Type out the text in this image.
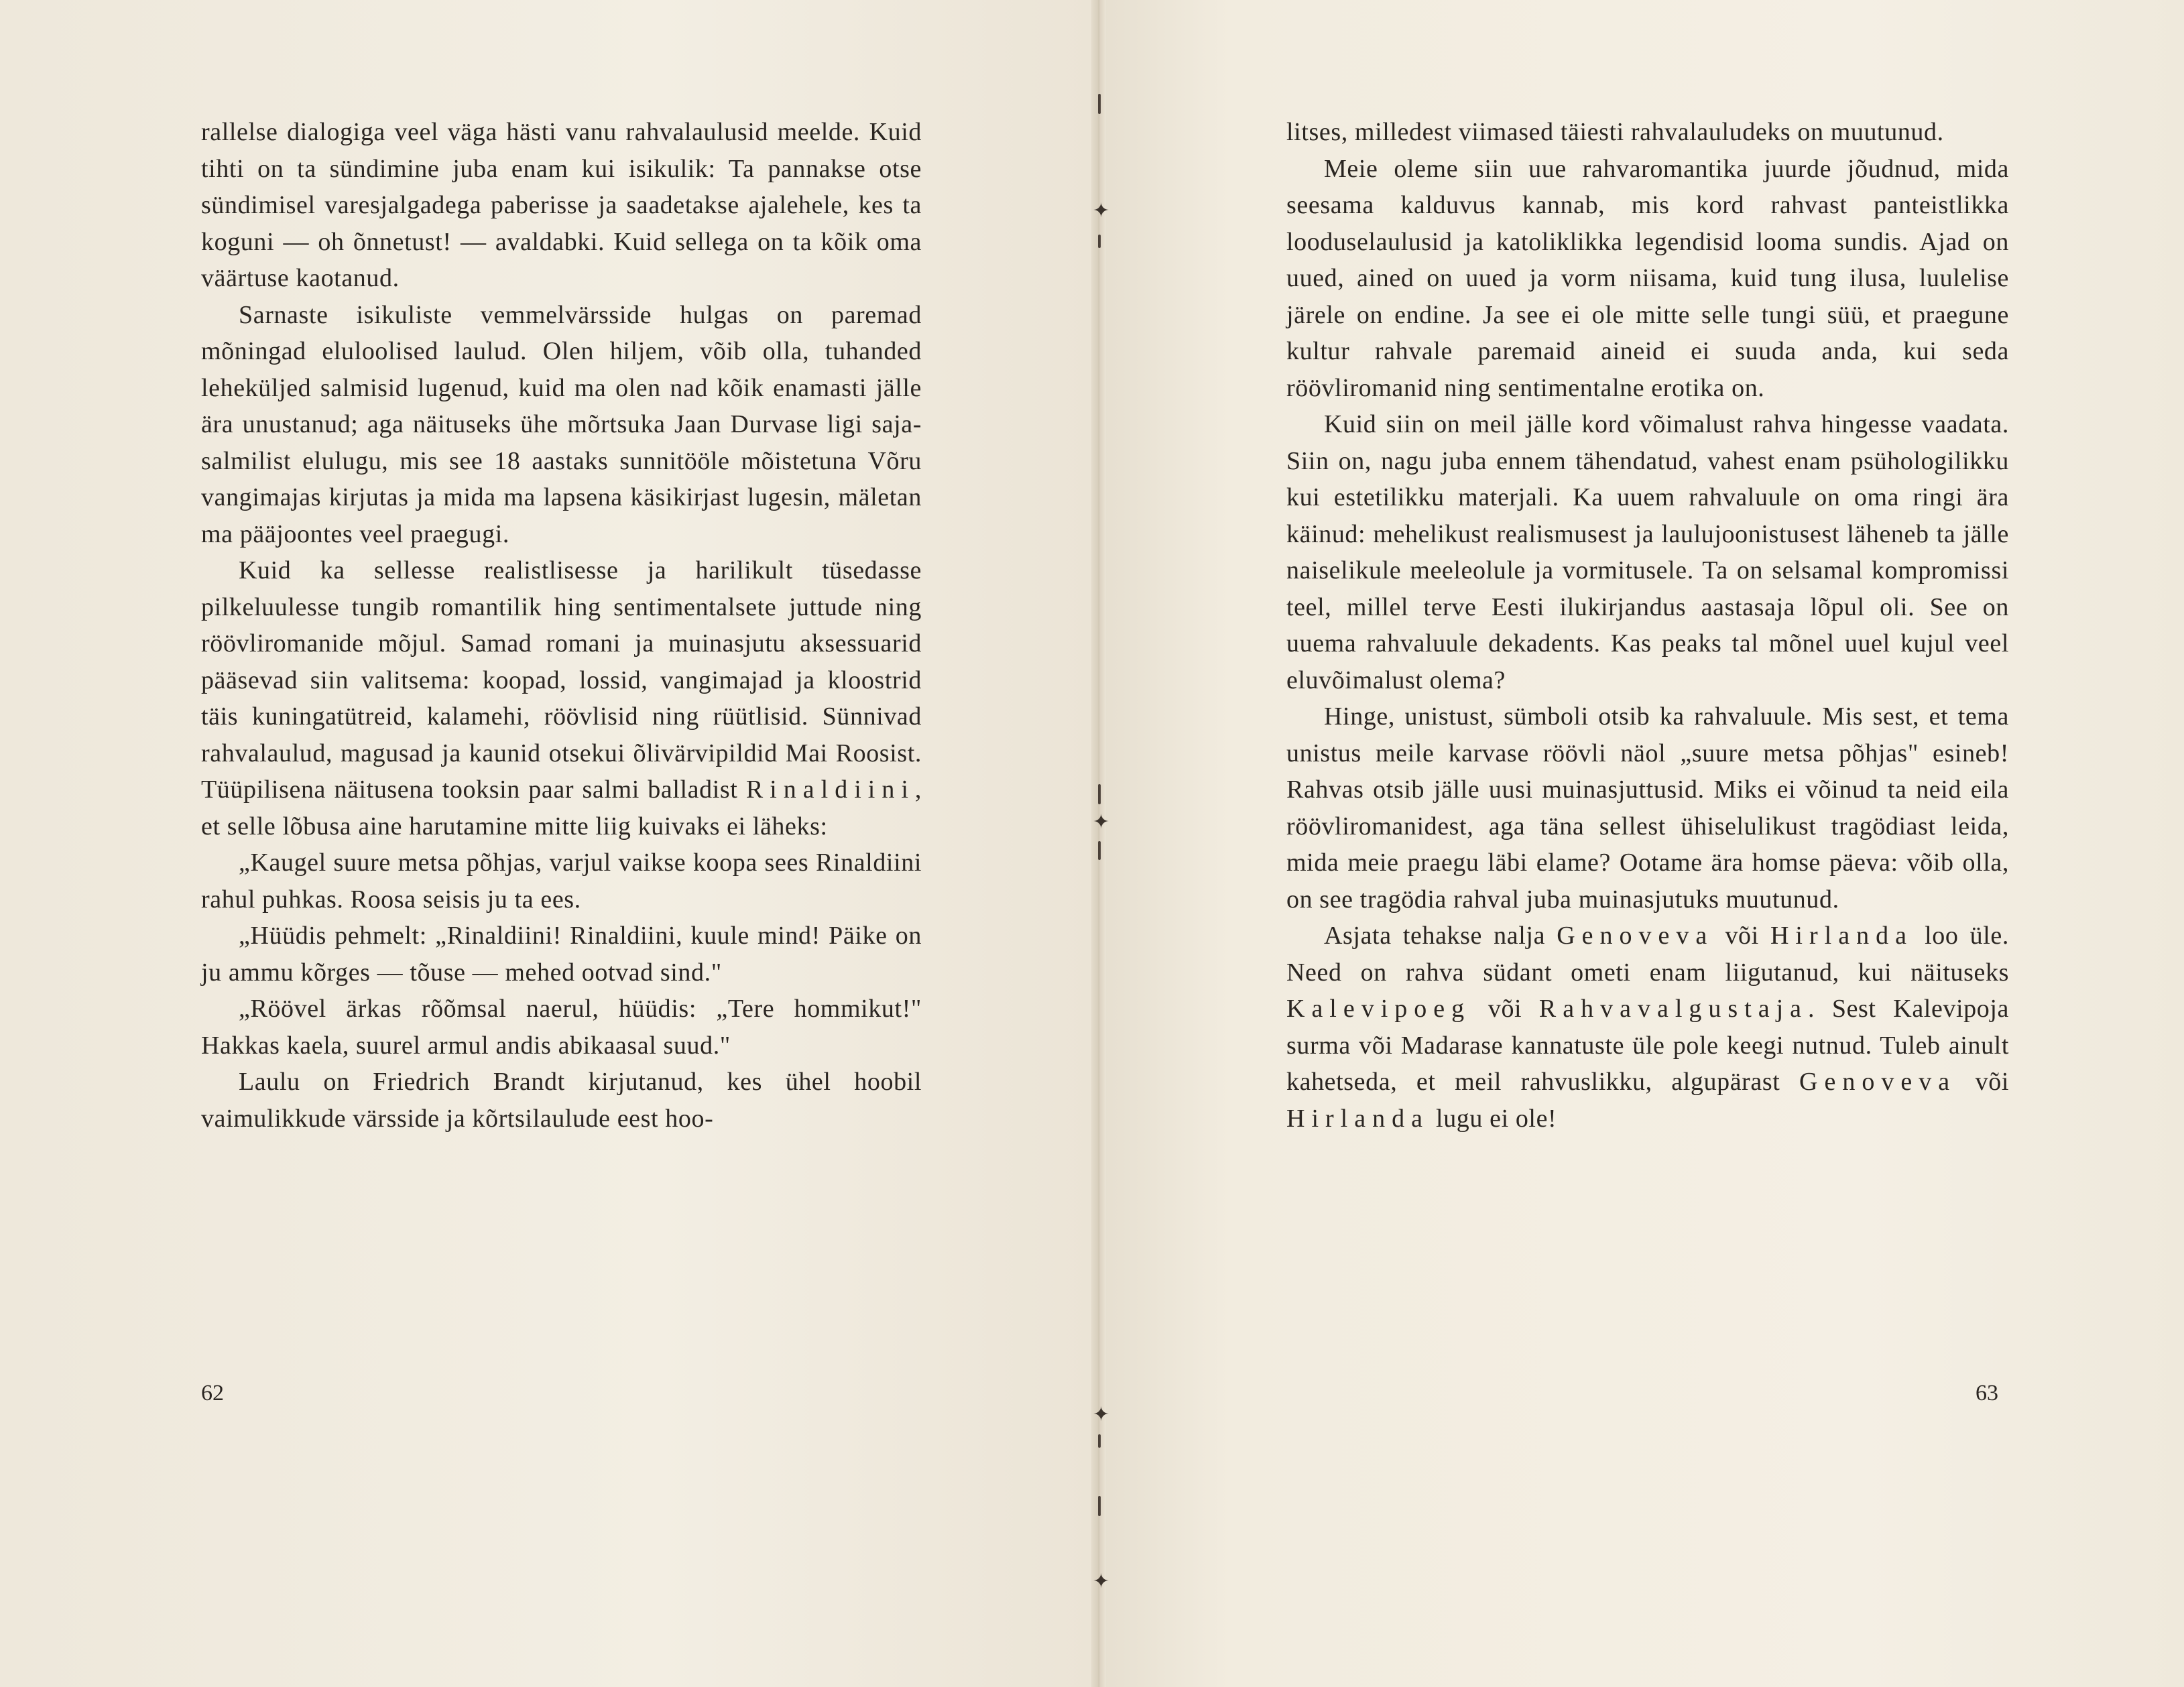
rallelse dialogiga veel väga hästi vanu rahvalaulusid meelde. Kuid tihti on ta sündimine juba enam kui isikulik: Ta pannakse otse sündimisel varesjalgadega paberisse ja saadetakse ajalehele, kes ta koguni — oh õnnetust! — avaldabki. Kuid sellega on ta kõik oma väärtuse kaotanud.

Sarnaste isikuliste vemmelvärsside hulgas on paremad mõningad eluloolised laulud. Olen hiljem, võib olla, tuhanded leheküljed salmisid lugenud, kuid ma olen nad kõik enamasti jälle ära unustanud; aga näituseks ühe mõrtsuka Jaan Durvase ligi saja-salmilist elulugu, mis see 18 aastaks sunnitööle mõistetuna Võru vangimajas kirjutas ja mida ma lapsena käsikirjast lugesin, mäletan ma pääjoontes veel praegugi.

Kuid ka sellesse realistlisesse ja harilikult tüsedasse pilkeluulesse tungib romantilik hing sentimentalsete juttude ning röövliromanide mõjul. Samad romani ja muinasjutu aksessuarid pääsevad siin valitsema: koopad, lossid, vangimajad ja kloostrid täis kuningatütreid, kalamehi, röövlisid ning rüütlisid. Sünnivad rahvalaulud, magusad ja kaunid otsekui õlivärvipildid Mai Roosist. Tüüpilisena näitusena tooksin paar salmi balladist Rinaldiini, et selle lõbusa aine harutamine mitte liig kuivaks ei läheks:

„Kaugel suure metsa põhjas, varjul vaikse koopa sees Rinaldiini rahul puhkas. Roosa seisis ju ta ees.

„Hüüdis pehmelt: „Rinaldiini! Rinaldiini, kuule mind! Päike on ju ammu kõrges — tõuse — mehed ootvad sind."

„Röövel ärkas rõõmsal naerul, hüüdis: „Tere hommikut!" Hakkas kaela, suurel armul andis abikaasal suud."

Laulu on Friedrich Brandt kirjutanud, kes ühel hoobil vaimulikkude värsside ja kõrtsilaulude eest hoo-

62

litses, milledest viimased täiesti rahvalauludeks on muutunud.

Meie oleme siin uue rahvaromantika juurde jõudnud, mida seesama kalduvus kannab, mis kord rahvast panteistlikka looduselaulusid ja katoliklikka legendisid looma sundis. Ajad on uued, ained on uued ja vorm niisama, kuid tung ilusa, luulelise järele on endine. Ja see ei ole mitte selle tungi süü, et praegune kultur rahvale paremaid aineid ei suuda anda, kui seda röövliromanid ning sentimentalne erotika on.

Kuid siin on meil jälle kord võimalust rahva hingesse vaadata. Siin on, nagu juba ennem tähendatud, vahest enam psühologilikku kui estetilikku materjali. Ka uuem rahvaluule on oma ringi ära käinud: mehelikust realismusest ja laulujoonistusest läheneb ta jälle naiselikule meeleolule ja vormitusele. Ta on selsamal kompromissi teel, millel terve Eesti ilukirjandus aastasaja lõpul oli. See on uuema rahvaluule dekadents. Kas peaks tal mõnel uuel kujul veel eluvõimalust olema?

Hinge, unistust, sümboli otsib ka rahvaluule. Mis sest, et tema unistus meile karvase röövli näol „suure metsa põhjas" esineb! Rahvas otsib jälle uusi muinasjuttusid. Miks ei võinud ta neid eila röövliromanidest, aga täna sellest ühiselulikust tragödiast leida, mida meie praegu läbi elame? Ootame ära homse päeva: võib olla, on see tragödia rahval juba muinasjutuks muutunud.

Asjata tehakse nalja Genoveva või Hirlanda loo üle. Need on rahva südant ometi enam liigutanud, kui näituseks Kalevipoeg või Rahvavalgustaja. Sest Kalevipoja surma või Madarase kannatuste üle pole keegi nutnud. Tuleb ainult kahetseda, et meil rahvuslikku, algupärast Genoveva või Hirlanda lugu ei ole!

63
✦
✦
✦
✦
